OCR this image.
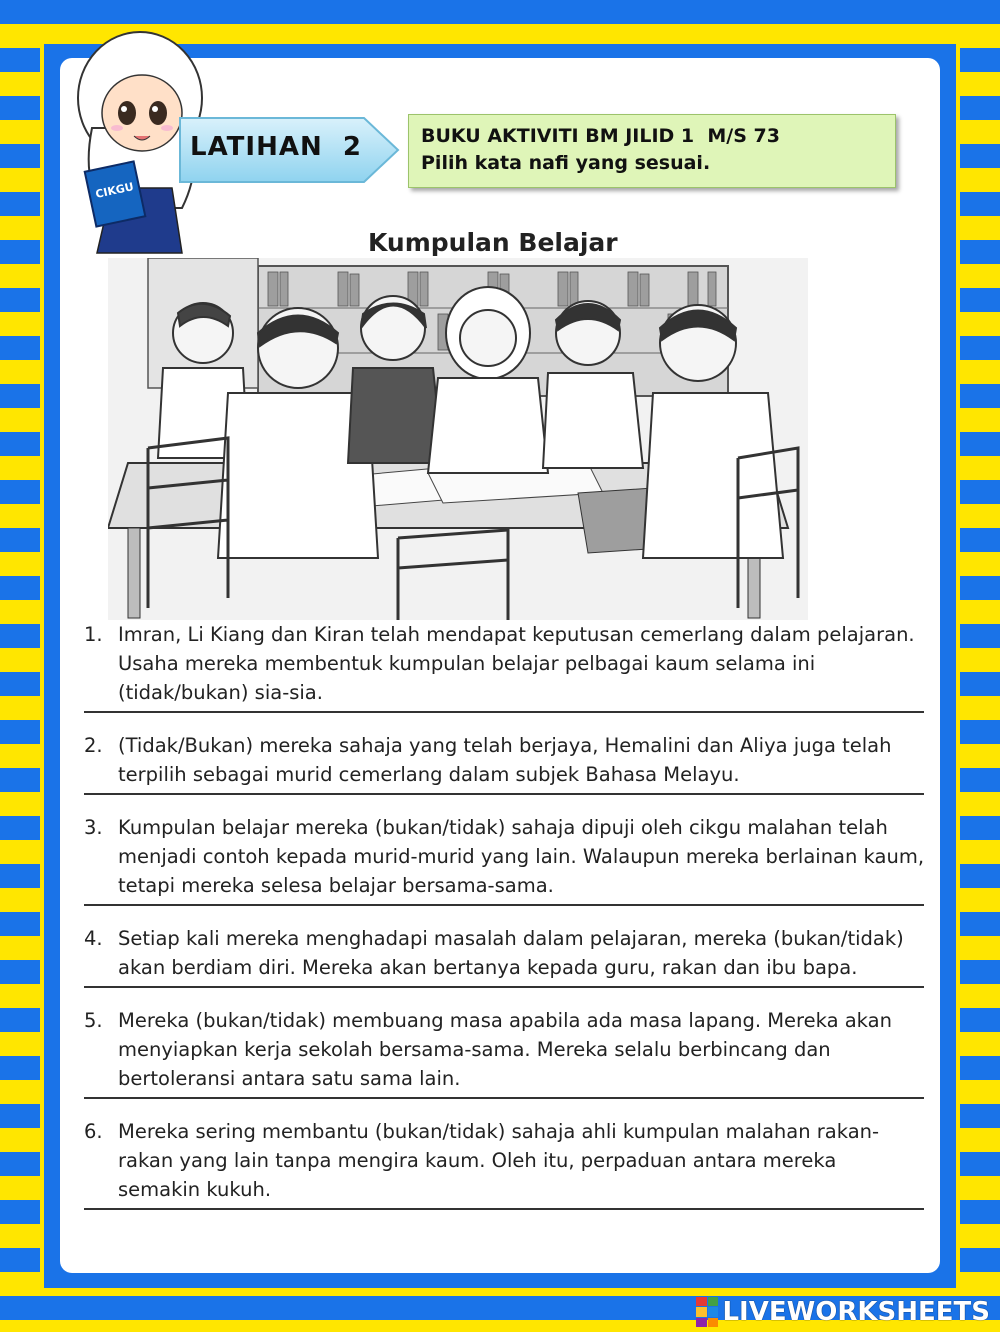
CIKGU
LATIHAN  2	BUKU AKTIVITI BM JILID 1  M/S 73
Pilih kata nafi yang sesuai.
Kumpulan Belajar
1. Imran, Li Kiang dan Kiran telah mendapat keputusan cemerlang dalam pelajaran. Usaha mereka membentuk kumpulan belajar pelbagai kaum selama ini (tidak/bukan) sia-sia.
2. (Tidak/Bukan) mereka sahaja yang telah berjaya, Hemalini dan Aliya juga telah terpilih sebagai murid cemerlang dalam subjek Bahasa Melayu.
3. Kumpulan belajar mereka (bukan/tidak) sahaja dipuji oleh cikgu malahan telah menjadi contoh kepada murid-murid yang lain. Walaupun mereka berlainan kaum, tetapi mereka selesa belajar bersama-sama.
4. Setiap kali mereka menghadapi masalah dalam pelajaran, mereka (bukan/tidak) akan berdiam diri. Mereka akan bertanya kepada guru, rakan dan ibu bapa.
5. Mereka (bukan/tidak) membuang masa apabila ada masa lapang. Mereka akan menyiapkan kerja sekolah bersama-sama. Mereka selalu berbincang dan bertoleransi antara satu sama lain.
6. Mereka sering membantu (bukan/tidak) sahaja ahli kumpulan malahan rakan-rakan yang lain tanpa mengira kaum. Oleh itu, perpaduan antara mereka semakin kukuh.
LIVEWORKSHEETS
